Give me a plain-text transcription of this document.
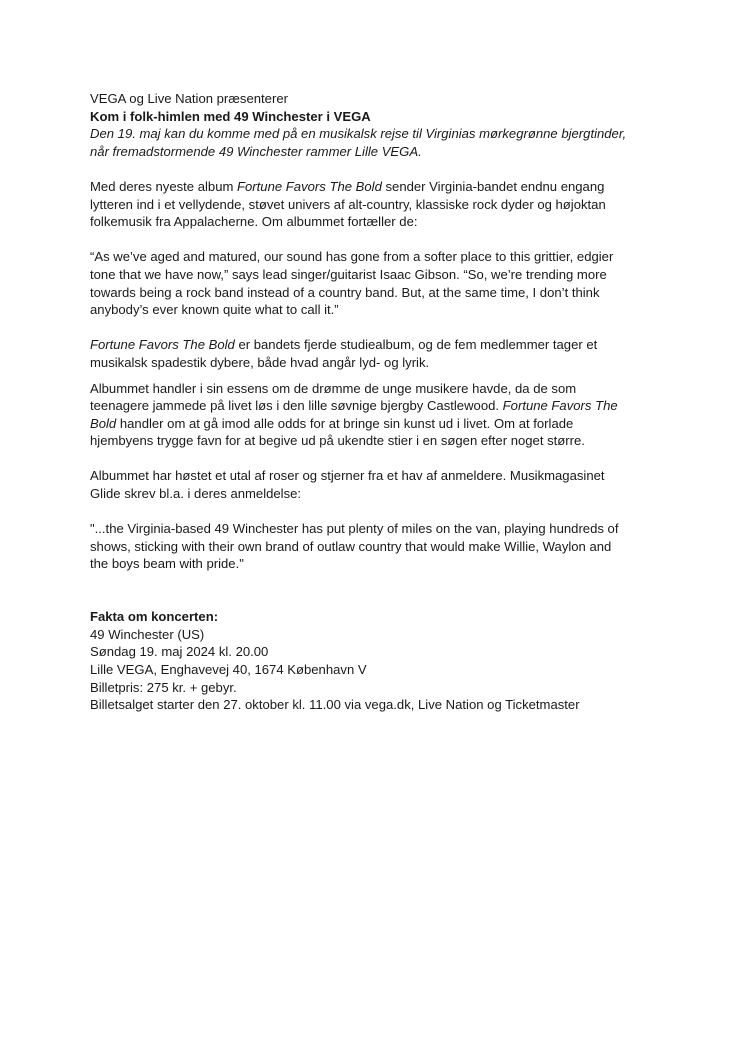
VEGA og Live Nation præsenterer

Kom i folk-himlen med 49 Winchester i VEGA

Den 19. maj kan du komme med på en musikalsk rejse til Virginias mørkegrønne bjergtinder,
når fremadstormende 49 Winchester rammer Lille VEGA.

Med deres nyeste album Fortune Favors The Bold sender Virginia-bandet endnu engang
lytteren ind i et vellydende, støvet univers af alt-country, klassiske rock dyder og højoktan
folkemusik fra Appalacherne. Om albummet fortæller de:

“As we’ve aged and matured, our sound has gone from a softer place to this grittier, edgier
tone that we have now,” says lead singer/guitarist Isaac Gibson. “So, we’re trending more
towards being a rock band instead of a country band. But, at the same time, I don’t think
anybody’s ever known quite what to call it.”

Fortune Favors The Bold er bandets fjerde studiealbum, og de fem medlemmer tager et
musikalsk spadestik dybere, både hvad angår lyd- og lyrik.

Albummet handler i sin essens om de drømme de unge musikere havde, da de som
teenagere jammede på livet løs i den lille søvnige bjergby Castlewood. Fortune Favors The
Bold handler om at gå imod alle odds for at bringe sin kunst ud i livet. Om at forlade
hjembyens trygge favn for at begive ud på ukendte stier i en søgen efter noget større.

Albummet har høstet et utal af roser og stjerner fra et hav af anmeldere. Musikmagasinet
Glide skrev bl.a. i deres anmeldelse:

"...the Virginia-based 49 Winchester has put plenty of miles on the van, playing hundreds of
shows, sticking with their own brand of outlaw country that would make Willie, Waylon and
the boys beam with pride."

Fakta om koncerten:

49 Winchester (US)

Søndag 19. maj 2024 kl. 20.00

Lille VEGA, Enghavevej 40, 1674 København V

Billetpris: 275 kr. + gebyr.

Billetsalget starter den 27. oktober kl. 11.00 via vega.dk, Live Nation og Ticketmaster
